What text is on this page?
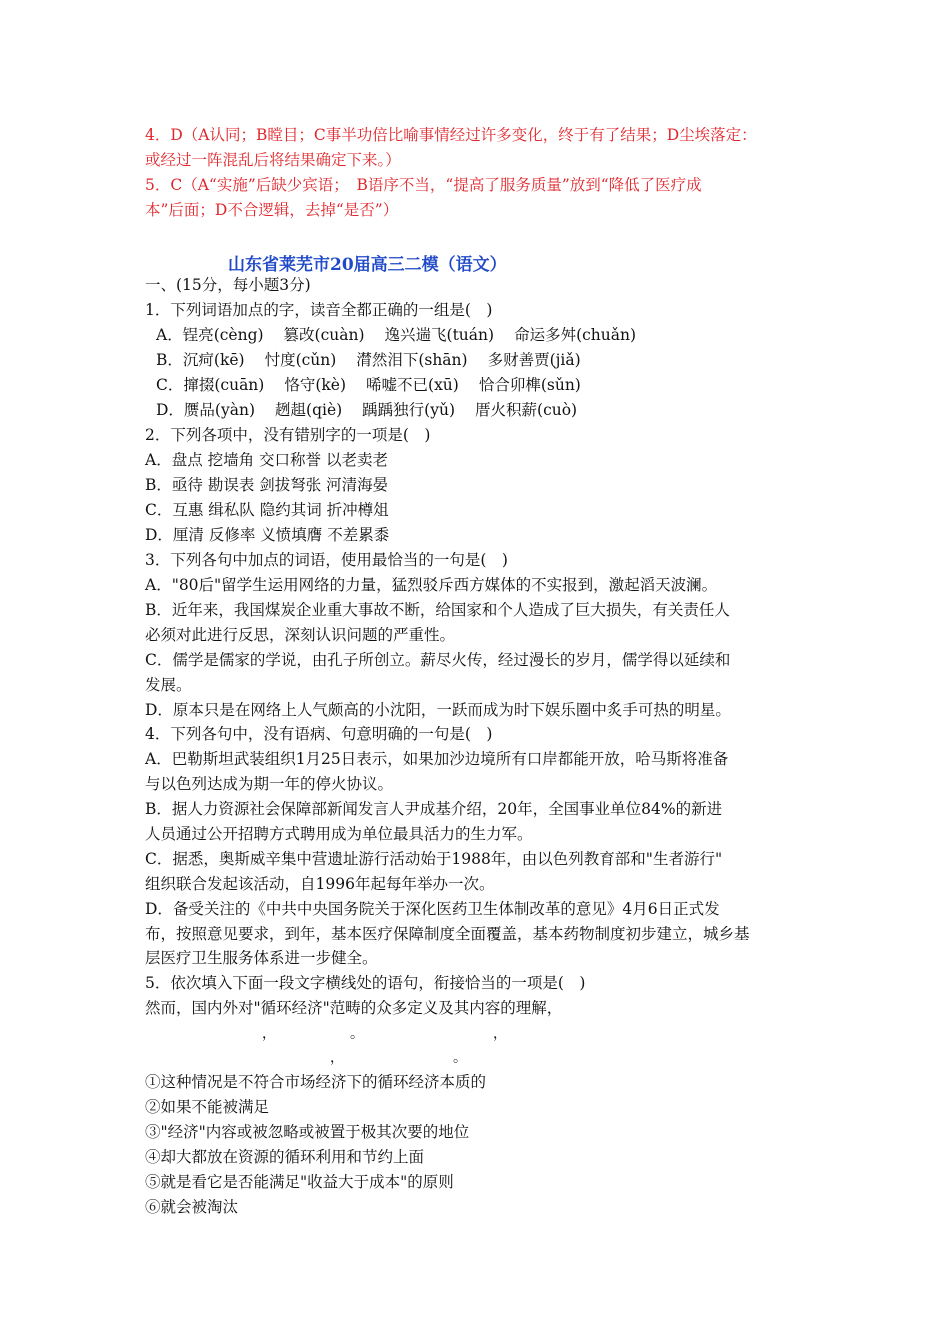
4．D（A认同；B瞠目；C事半功倍比喻事情经过许多变化，终于有了结果；D尘埃落定：
或经过一阵混乱后将结果确定下来。）
5．C（A“实施”后缺少宾语；　B语序不当，“提高了服务质量”放到“降低了医疗成
本”后面；D不合逻辑，去掉“是否”）
山东省莱芜市20届高三二模（语文）
一、(15分，每小题3分)
1．下列词语加点的字，读音全都正确的一组是(　)
A．锃亮(cèng) 篡改(cuàn) 逸兴遄飞(tuán) 命运多舛(chuǎn)
B．沉疴(kē) 忖度(cǔn) 潸然泪下(shān) 多财善贾(jiǎ)
C．撺掇(cuān) 恪守(kè) 唏嘘不已(xū) 恰合卯榫(sǔn)
D．赝品(yàn) 趔趄(qiè) 踽踽独行(yǔ) 厝火积薪(cuò)
2．下列各项中，没有错别字的一项是(　)
A．盘点 挖墙角 交口称誉 以老卖老
B．亟待 勘误表 剑拔弩张 河清海晏
C．互惠 缉私队 隐约其词 折冲樽俎
D．厘清 反修率 义愤填膺 不差累黍
3．下列各句中加点的词语，使用最恰当的一句是(　)
A．"80后"留学生运用网络的力量，猛烈驳斥西方媒体的不实报到，激起滔天波澜。
B．近年来，我国煤炭企业重大事故不断，给国家和个人造成了巨大损失，有关责任人
必须对此进行反思，深刻认识问题的严重性。
C．儒学是儒家的学说，由孔子所创立。薪尽火传，经过漫长的岁月，儒学得以延续和
发展。
D．原本只是在网络上人气颇高的小沈阳，一跃而成为时下娱乐圈中炙手可热的明星。
4．下列各句中，没有语病、句意明确的一句是(　)
A．巴勒斯坦武装组织1月25日表示，如果加沙边境所有口岸都能开放，哈马斯将准备
与以色列达成为期一年的停火协议。
B．据人力资源社会保障部新闻发言人尹成基介绍，20年，全国事业单位84%的新进
人员通过公开招聘方式聘用成为单位最具活力的生力军。
C．据悉，奥斯威辛集中营遗址游行活动始于1988年，由以色列教育部和"生者游行"
组织联合发起该活动，自1996年起每年举办一次。
D．备受关注的《中共中央国务院关于深化医药卫生体制改革的意见》4月6日正式发
布，按照意见要求，到年，基本医疗保障制度全面覆盖，基本药物制度初步建立，城乡基
层医疗卫生服务体系进一步健全。
5．依次填入下面一段文字横线处的语句，衔接恰当的一项是(　)
然而，国内外对"循环经济"范畴的众多定义及其内容的理解，
，	。	，
，	。
①这种情况是不符合市场经济下的循环经济本质的
②如果不能被满足
③"经济"内容或被忽略或被置于极其次要的地位
④却大都放在资源的循环利用和节约上面
⑤就是看它是否能满足"收益大于成本"的原则
⑥就会被淘汰
